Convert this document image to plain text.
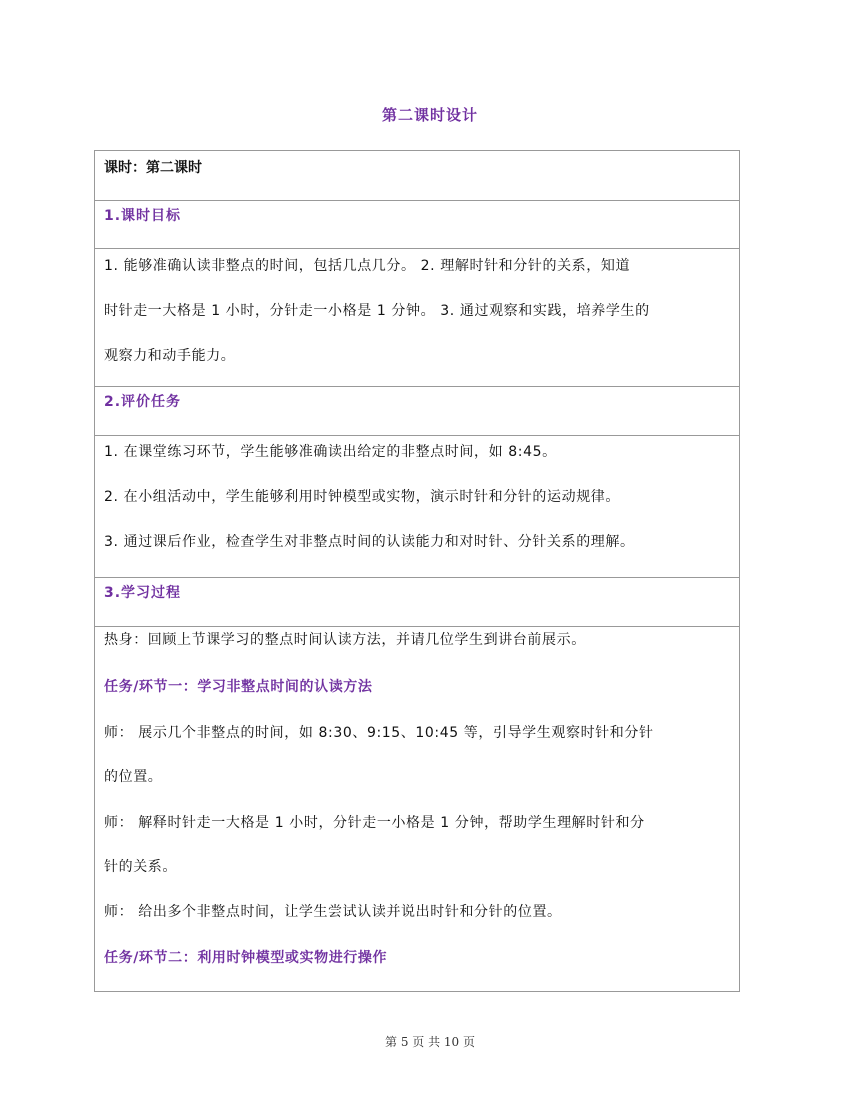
第二课时设计
课时：第二课时
1.课时目标
1. 能够准确认读非整点的时间，包括几点几分。 2. 理解时针和分针的关系，知道
时针走一大格是 1 小时，分针走一小格是 1 分钟。 3. 通过观察和实践，培养学生的
观察力和动手能力。
2.评价任务
1. 在课堂练习环节，学生能够准确读出给定的非整点时间，如 8:45。
2. 在小组活动中，学生能够利用时钟模型或实物，演示时针和分针的运动规律。
3. 通过课后作业，检查学生对非整点时间的认读能力和对时针、分针关系的理解。
3.学习过程
热身：回顾上节课学习的整点时间认读方法，并请几位学生到讲台前展示。
任务/环节一：学习非整点时间的认读方法
师： 展示几个非整点的时间，如 8:30、9:15、10:45 等，引导学生观察时针和分针
的位置。
师： 解释时针走一大格是 1 小时，分针走一小格是 1 分钟，帮助学生理解时针和分
针的关系。
师： 给出多个非整点时间，让学生尝试认读并说出时针和分针的位置。
任务/环节二：利用时钟模型或实物进行操作
第 5 页 共 10 页
